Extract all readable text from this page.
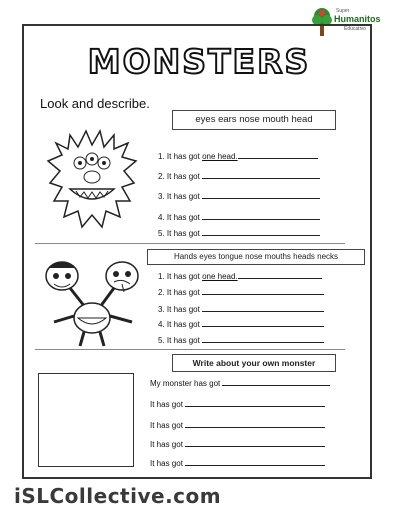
Super
Humanitos
Educativo
MONSTERS
Look and describe.
eyes ears nose mouth head
1. It has got one head.
2. It has got
3. It has got
4. It has got
5. It has got
Hands eyes tongue nose mouths heads necks
1. It has got one head.
2. It has got
3. It has got
4. It has got
5. It has got
Write about your own monster
My monster has got
It has got
It has got
It has got
It has got
iSLCollective.com
